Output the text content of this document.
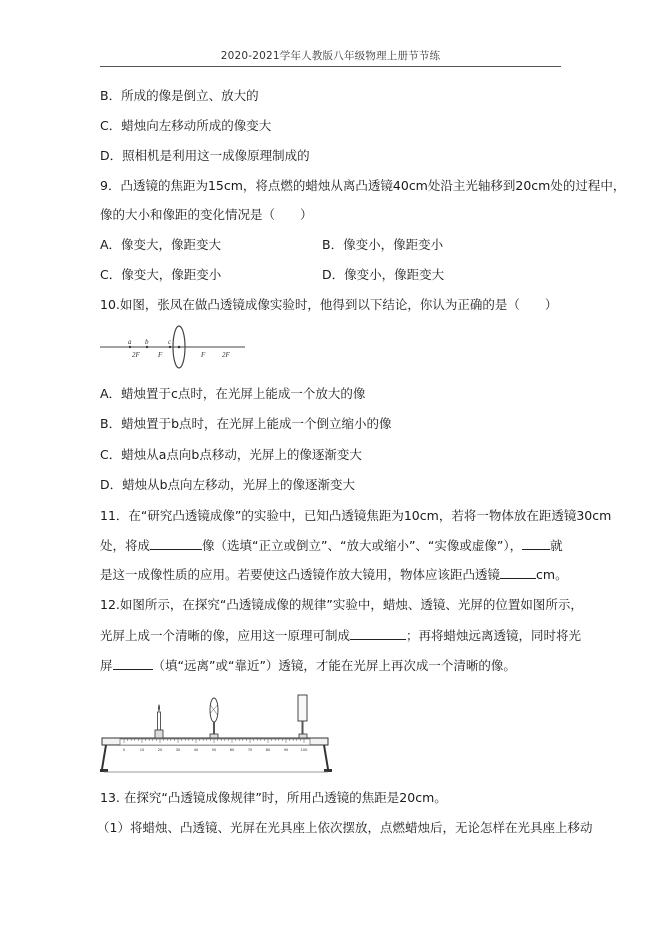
2020-2021学年人教版八年级物理上册节节练
B．所成的像是倒立、放大的
C．蜡烛向左移动所成的像变大
D．照相机是利用这一成像原理制成的
9．凸透镜的焦距为15cm，将点燃的蜡烛从离凸透镜40cm处沿主光轴移到20cm处的过程中，
像的大小和像距的变化情况是（　　）
A．像变大，像距变大	B．像变小，像距变小
C．像变大，像距变小	D．像变小，像距变大
10.如图，张凤在做凸透镜成像实验时，他得到以下结论，你认为正确的是（　　）
a b	c
2F	F	F 2F
A．蜡烛置于c点时，在光屏上能成一个放大的像
B．蜡烛置于b点时，在光屏上能成一个倒立缩小的像
C．蜡烛从a点向b点移动，光屏上的像逐渐变大
D．蜡烛从b点向左移动，光屏上的像逐渐变大
11．在“研究凸透镜成像”的实验中，已知凸透镜焦距为10cm，若将一物体放在距透镜30cm
处，将成	像（选填“正立或倒立”、“放大或缩小”、“实像或虚像”）， 就
是这一成像性质的应用。若要使这凸透镜作放大镜用，物体应该距凸透镜	cm。
12.如图所示，在探究“凸透镜成像的规律”实验中，蜡烛、透镜、光屏的位置如图所示，
光屏上成一个清晰的像，应用这一原理可制成	；再将蜡烛远离透镜，同时将光
屏	（填“远离”或“靠近”）透镜，才能在光屏上再次成一个清晰的像。
0	10	20	30	40	50	60	70	80	90	100
13. 在探究“凸透镜成像规律”时，所用凸透镜的焦距是20cm。
（1）将蜡烛、凸透镜、光屏在光具座上依次摆放，点燃蜡烛后，无论怎样在光具座上移动
